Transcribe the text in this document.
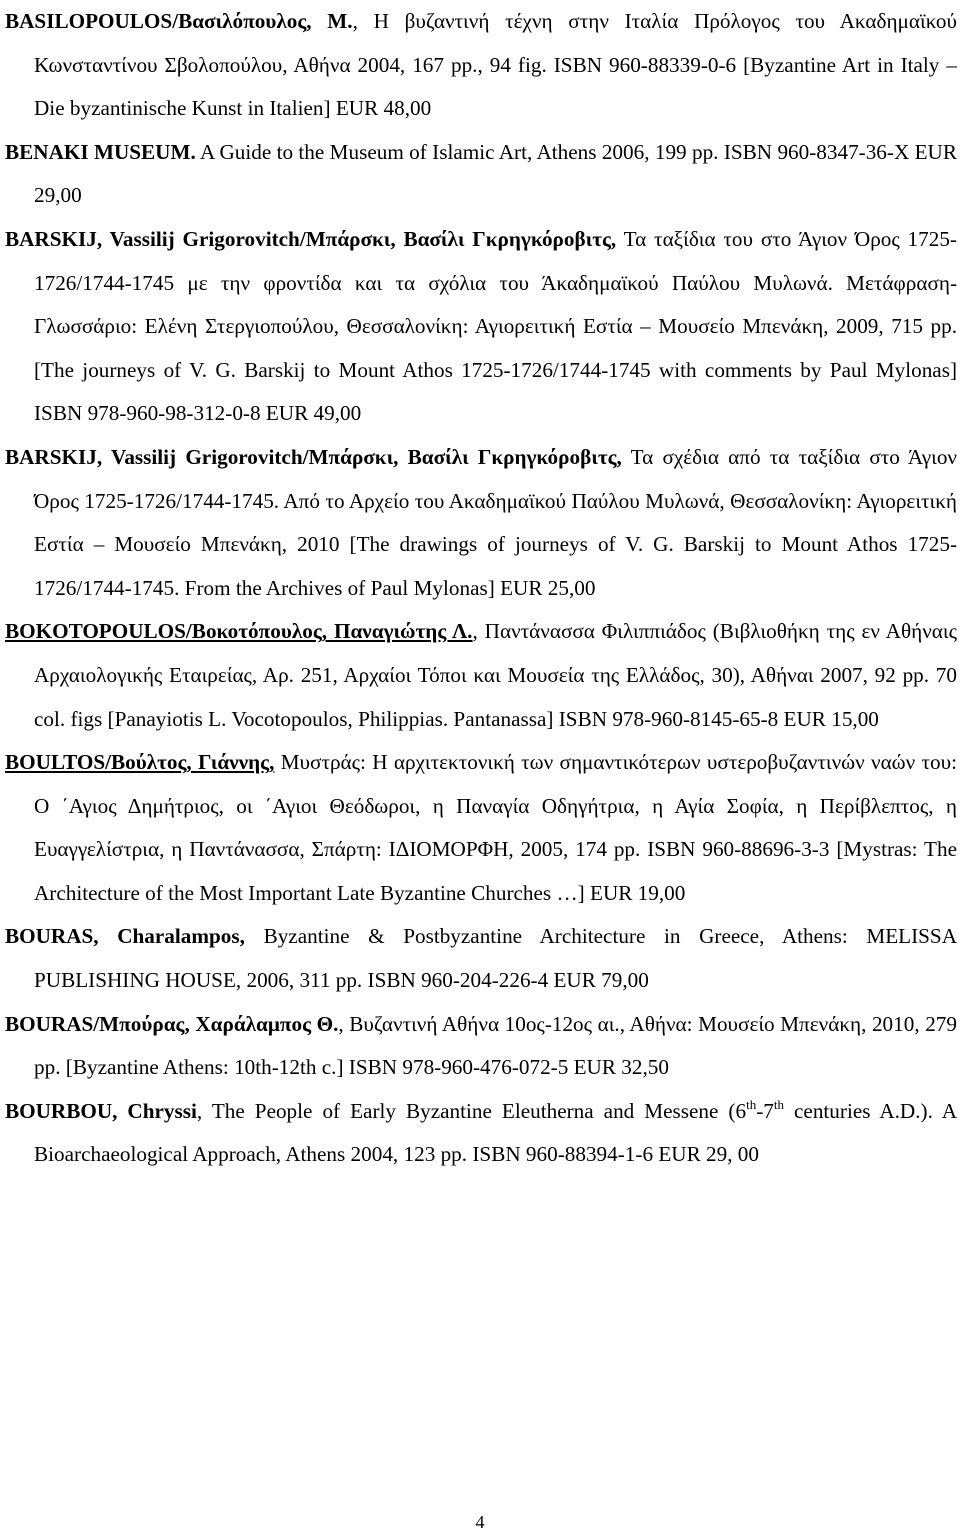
BASILOPOULOS/Βασιλόπουλος, Μ., Η βυζαντινή τέχνη στην Ιταλία Πρόλογος του Ακαδημαϊκού Κωνσταντίνου Σβολοπούλου, Αθήνα 2004, 167 pp., 94 fig. ISBN 960-88339-0-6 [Byzantine Art in Italy – Die byzantinische Kunst in Italien] EUR 48,00

BENAKI MUSEUM. A Guide to the Museum of Islamic Art, Athens 2006, 199 pp. ISBN 960-8347-36-X EUR 29,00

BARSKIJ, Vassilij Grigorovitch/Μπάρσκι, Βασίλι Γκρηγκόροβιτς, Τα ταξίδια του στο Άγιον Όρος 1725-1726/1744-1745 με την φροντίδα και τα σχόλια του Άκαδημαϊκού Παύλου Μυλωνά. Μετάφραση-Γλωσσάριο: Ελένη Στεργιοπούλου, Θεσσαλονίκη: Αγιορειτική Εστία – Μουσείο Μπενάκη, 2009, 715 pp. [The journeys of V. G. Barskij to Mount Athos 1725-1726/1744-1745 with comments by Paul Mylonas] ISBN 978-960-98-312-0-8 EUR 49,00

BARSKIJ, Vassilij Grigorovitch/Μπάρσκι, Βασίλι Γκρηγκόροβιτς, Τα σχέδια από τα ταξίδια στο Άγιον Όρος 1725-1726/1744-1745. Από το Αρχείο του Ακαδημαϊκού Παύλου Μυλωνά, Θεσσαλονίκη: Αγιορειτική Εστία – Μουσείο Μπενάκη, 2010 [The drawings of journeys of V. G. Barskij to Mount Athos 1725-1726/1744-1745. From the Archives of Paul Mylonas] EUR 25,00

BOKOTOPOULOS/Βοκοτόπουλος, Παναγιώτης Λ., Παντάνασσα Φιλιππιάδος (Βιβλιοθήκη της εν Αθήναις Αρχαιολογικής Εταιρείας, Αρ. 251, Αρχαίοι Τόποι και Μουσεία της Ελλάδος, 30), Αθήναι 2007, 92 pp. 70 col. figs [Panayiotis L. Vocotopoulos, Philippias. Pantanassa] ISBN 978-960-8145-65-8 EUR 15,00

BOULTOS/Βούλτος, Γιάννης, Μυστράς: Η αρχιτεκτονική των σημαντικότερων υστεροβυζαντινών ναών του: Ο ΄Αγιος Δημήτριος, οι ΄Αγιοι Θεόδωροι, η Παναγία Οδηγήτρια, η Αγία Σοφία, η Περίβλεπτος, η Ευαγγελίστρια, η Παντάνασσα, Σπάρτη: ΙΔΙΟΜΟΡΦΗ, 2005, 174 pp. ISBN 960-88696-3-3 [Mystras: The Architecture of the Most Important Late Byzantine Churches …] EUR 19,00

BOURAS, Charalampos, Byzantine & Postbyzantine Architecture in Greece, Athens: MELISSA PUBLISHING HOUSE, 2006, 311 pp. ISBN 960-204-226-4 EUR 79,00

BOURAS/Μπούρας, Χαράλαμπος Θ., Βυζαντινή Αθήνα 10ος-12ος αι., Αθήνα: Μουσείο Μπενάκη, 2010, 279 pp. [Byzantine Athens: 10th-12th c.] ISBN 978-960-476-072-5 EUR 32,50

BOURBOU, Chryssi, The People of Early Byzantine Eleutherna and Messene (6th-7th centuries A.D.). A Bioarchaeological Approach, Athens 2004, 123 pp. ISBN 960-88394-1-6 EUR 29, 00

4
